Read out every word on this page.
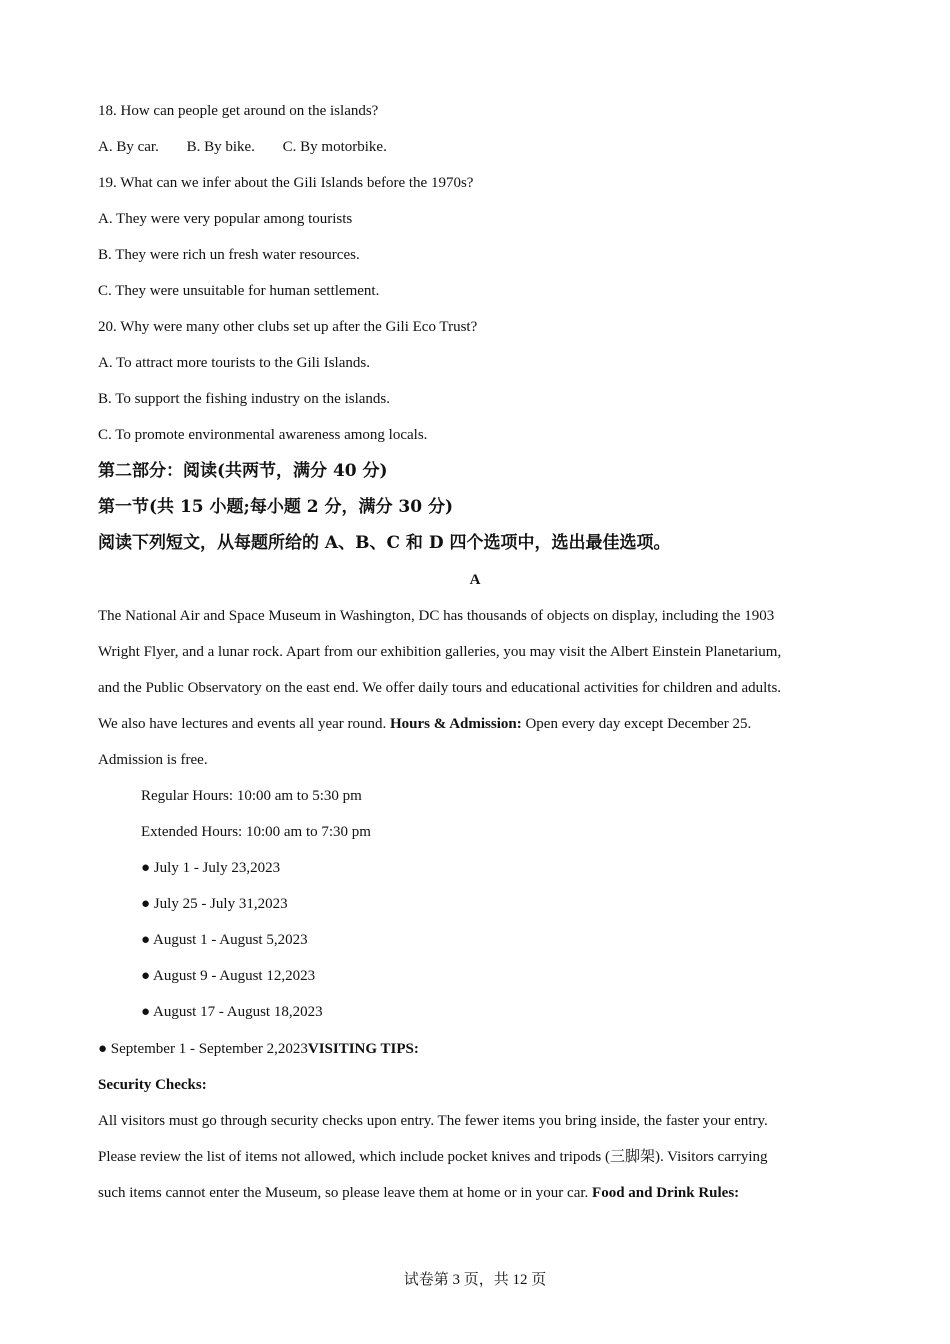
18. How can people get around on the islands?
A. By car. B. By bike. C. By motorbike.
19. What can we infer about the Gili Islands before the 1970s?
A. They were very popular among tourists
B. They were rich un fresh water resources.
C. They were unsuitable for human settlement.
20. Why were many other clubs set up after the Gili Eco Trust?
A. To attract more tourists to the Gili Islands.
B. To support the fishing industry on the islands.
C. To promote environmental awareness among locals.
第二部分：阅读(共两节，满分 40 分)
第一节(共 15 小题;每小题 2 分，满分 30 分)
阅读下列短文，从每题所给的 A、B、C 和 D 四个选项中，选出最佳选项。
A
The National Air and Space Museum in Washington, DC has thousands of objects on display, including the 1903
Wright Flyer, and a lunar rock. Apart from our exhibition galleries, you may visit the Albert Einstein Planetarium,
and the Public Observatory on the east end. We offer daily tours and educational activities for children and adults.
We also have lectures and events all year round. Hours & Admission: Open every day except December 25.
Admission is free.
Regular Hours: 10:00 am to 5:30 pm
Extended Hours: 10:00 am to 7:30 pm
● July 1 - July 23,2023
● July 25 - July 31,2023
● August 1 - August 5,2023
● August 9 - August 12,2023
● August 17 - August 18,2023
● September 1 - September 2,2023VISITING TIPS:
Security Checks:
All visitors must go through security checks upon entry. The fewer items you bring inside, the faster your entry.
Please review the list of items not allowed, which include pocket knives and tripods (三脚架). Visitors carrying
such items cannot enter the Museum, so please leave them at home or in your car. Food and Drink Rules:
试卷第 3 页，共 12 页
